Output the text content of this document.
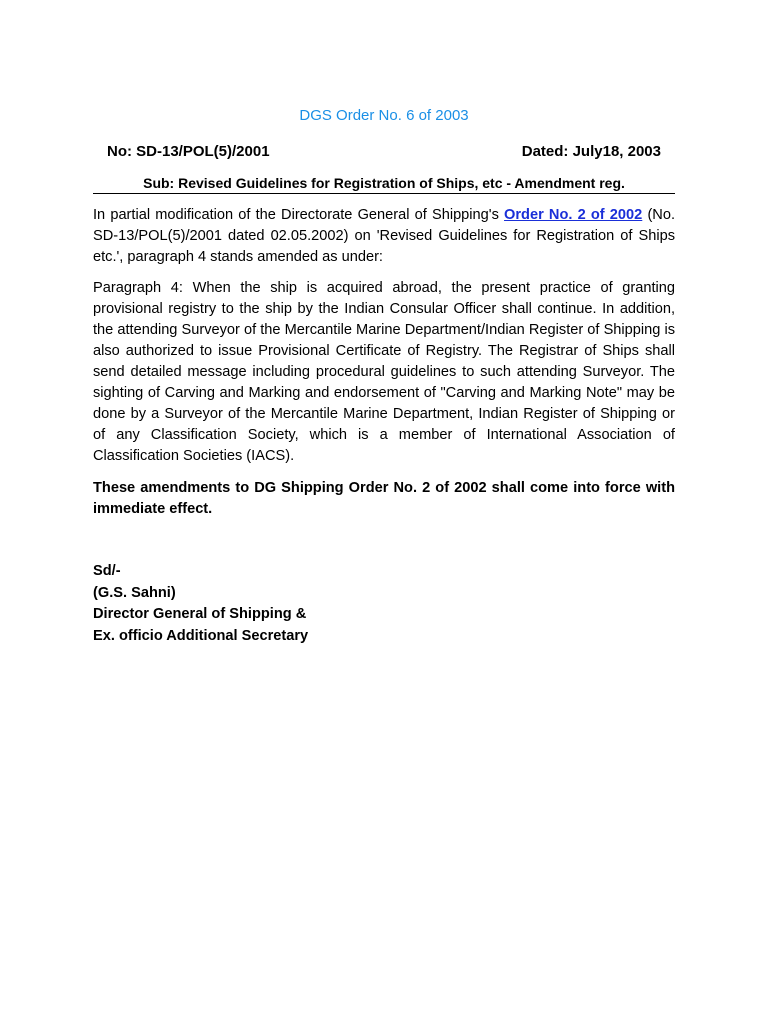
DGS Order No. 6 of 2003
No: SD-13/POL(5)/2001	Dated: July18, 2003
Sub: Revised Guidelines for Registration of Ships, etc - Amendment reg.
In partial modification of the Directorate General of Shipping's Order No. 2 of 2002 (No. SD-13/POL(5)/2001 dated 02.05.2002) on 'Revised Guidelines for Registration of Ships etc.', paragraph 4 stands amended as under:
Paragraph 4: When the ship is acquired abroad, the present practice of granting provisional registry to the ship by the Indian Consular Officer shall continue. In addition, the attending Surveyor of the Mercantile Marine Department/Indian Register of Shipping is also authorized to issue Provisional Certificate of Registry. The Registrar of Ships shall send detailed message including procedural guidelines to such attending Surveyor. The sighting of Carving and Marking and endorsement of "Carving and Marking Note" may be done by a Surveyor of the Mercantile Marine Department, Indian Register of Shipping or of any Classification Society, which is a member of International Association of Classification Societies (IACS).
These amendments to DG Shipping Order No. 2 of 2002 shall come into force with immediate effect.
Sd/-
(G.S. Sahni)
Director General of Shipping &
Ex. officio Additional Secretary
